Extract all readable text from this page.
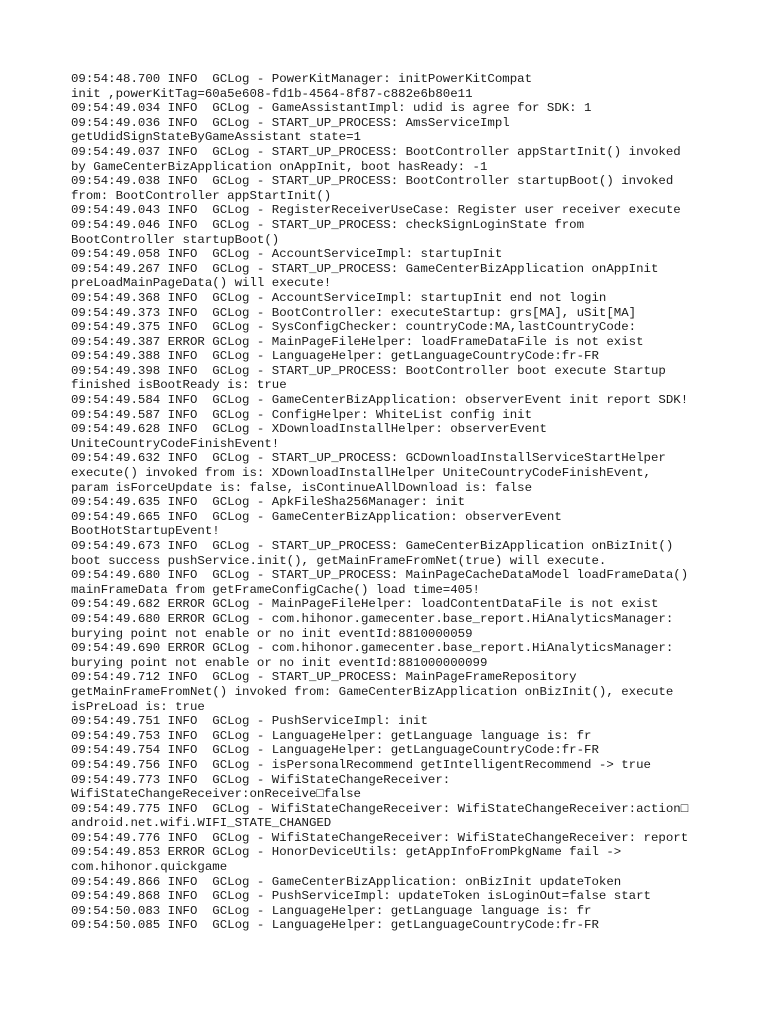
09:54:48.700 INFO  GCLog - PowerKitManager: initPowerKitCompat
init ,powerKitTag=60a5e608-fd1b-4564-8f87-c882e6b80e11
09:54:49.034 INFO  GCLog - GameAssistantImpl: udid is agree for SDK: 1
09:54:49.036 INFO  GCLog - START_UP_PROCESS: AmsServiceImpl
getUdidSignStateByGameAssistant state=1
09:54:49.037 INFO  GCLog - START_UP_PROCESS: BootController appStartInit() invoked
by GameCenterBizApplication onAppInit, boot hasReady: -1
09:54:49.038 INFO  GCLog - START_UP_PROCESS: BootController startupBoot() invoked
from: BootController appStartInit()
09:54:49.043 INFO  GCLog - RegisterReceiverUseCase: Register user receiver execute
09:54:49.046 INFO  GCLog - START_UP_PROCESS: checkSignLoginState from
BootController startupBoot()
09:54:49.058 INFO  GCLog - AccountServiceImpl: startupInit
09:54:49.267 INFO  GCLog - START_UP_PROCESS: GameCenterBizApplication onAppInit
preLoadMainPageData() will execute!
09:54:49.368 INFO  GCLog - AccountServiceImpl: startupInit end not login
09:54:49.373 INFO  GCLog - BootController: executeStartup: grs[MA], uSit[MA]
09:54:49.375 INFO  GCLog - SysConfigChecker: countryCode:MA,lastCountryCode:
09:54:49.387 ERROR GCLog - MainPageFileHelper: loadFrameDataFile is not exist
09:54:49.388 INFO  GCLog - LanguageHelper: getLanguageCountryCode:fr-FR
09:54:49.398 INFO  GCLog - START_UP_PROCESS: BootController boot execute Startup
finished isBootReady is: true
09:54:49.584 INFO  GCLog - GameCenterBizApplication: observerEvent init report SDK!
09:54:49.587 INFO  GCLog - ConfigHelper: WhiteList config init
09:54:49.628 INFO  GCLog - XDownloadInstallHelper: observerEvent
UniteCountryCodeFinishEvent!
09:54:49.632 INFO  GCLog - START_UP_PROCESS: GCDownloadInstallServiceStartHelper
execute() invoked from is: XDownloadInstallHelper UniteCountryCodeFinishEvent,
param isForceUpdate is: false, isContinueAllDownload is: false
09:54:49.635 INFO  GCLog - ApkFileSha256Manager: init
09:54:49.665 INFO  GCLog - GameCenterBizApplication: observerEvent
BootHotStartupEvent!
09:54:49.673 INFO  GCLog - START_UP_PROCESS: GameCenterBizApplication onBizInit()
boot success pushService.init(), getMainFrameFromNet(true) will execute.
09:54:49.680 INFO  GCLog - START_UP_PROCESS: MainPageCacheDataModel loadFrameData()
mainFrameData from getFrameConfigCache() load time=405!
09:54:49.682 ERROR GCLog - MainPageFileHelper: loadContentDataFile is not exist
09:54:49.680 ERROR GCLog - com.hihonor.gamecenter.base_report.HiAnalyticsManager:
burying point not enable or no init eventId:8810000059
09:54:49.690 ERROR GCLog - com.hihonor.gamecenter.base_report.HiAnalyticsManager:
burying point not enable or no init eventId:881000000099
09:54:49.712 INFO  GCLog - START_UP_PROCESS: MainPageFrameRepository
getMainFrameFromNet() invoked from: GameCenterBizApplication onBizInit(), execute
isPreLoad is: true
09:54:49.751 INFO  GCLog - PushServiceImpl: init
09:54:49.753 INFO  GCLog - LanguageHelper: getLanguage language is: fr
09:54:49.754 INFO  GCLog - LanguageHelper: getLanguageCountryCode:fr-FR
09:54:49.756 INFO  GCLog - isPersonalRecommend getIntelligentRecommend -> true
09:54:49.773 INFO  GCLog - WifiStateChangeReceiver:
WifiStateChangeReceiver:onReceive□false
09:54:49.775 INFO  GCLog - WifiStateChangeReceiver: WifiStateChangeReceiver:action□
android.net.wifi.WIFI_STATE_CHANGED
09:54:49.776 INFO  GCLog - WifiStateChangeReceiver: WifiStateChangeReceiver: report
09:54:49.853 ERROR GCLog - HonorDeviceUtils: getAppInfoFromPkgName fail ->
com.hihonor.quickgame
09:54:49.866 INFO  GCLog - GameCenterBizApplication: onBizInit updateToken
09:54:49.868 INFO  GCLog - PushServiceImpl: updateToken isLoginOut=false start
09:54:50.083 INFO  GCLog - LanguageHelper: getLanguage language is: fr
09:54:50.085 INFO  GCLog - LanguageHelper: getLanguageCountryCode:fr-FR
